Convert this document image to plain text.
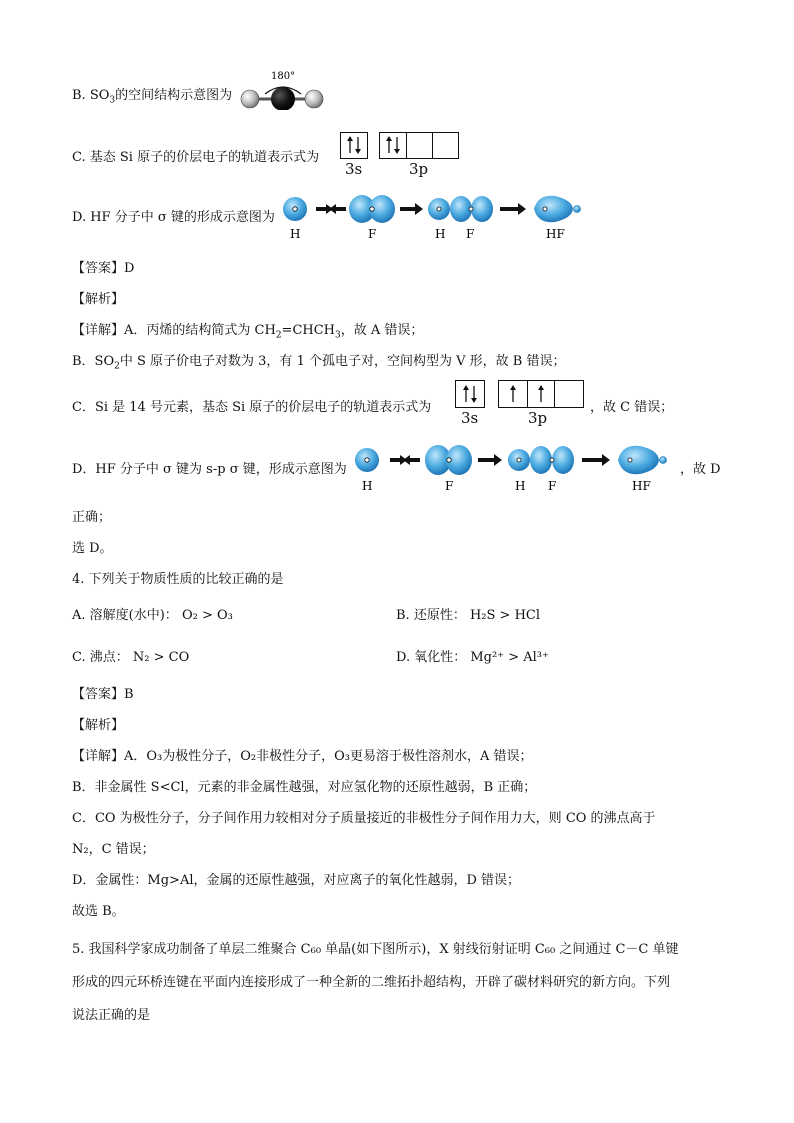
B. $SO_3$的空间结构示意图为
180°
C. 基态 Si 原子的价层电子的轨道表示式为
3s	3p
D. HF 分子中 σ 键的形成示意图为
H	F	H F	HF
【答案】D
【解析】
【详解】A．丙烯的结构简式为 $CH_2=CHCH_3$，故 A 错误；
B．$SO_2$中 S 原子价电子对数为 3，有 1 个孤电子对，空间构型为 V 形，故 B 错误；
C．Si 是 14 号元素，基态 Si 原子的价层电子的轨道表示式为
3s	3p
，故 C 错误；
D．HF 分子中 σ 键为 s-p σ 键，形成示意图为
H	F	H F	HF
，故 D
正确；
选 D。
4. 下列关于物质性质的比较正确的是
A. 溶解度(水中)： O₂ > O₃	B. 还原性： H₂S > HCl
C. 沸点： N₂ > CO	D. 氧化性： Mg²⁺ > Al³⁺
【答案】B
【解析】
【详解】A．O₃为极性分子，O₂非极性分子，O₃更易溶于极性溶剂水，A 错误；
B．非金属性 S<Cl，元素的非金属性越强，对应氢化物的还原性越弱，B 正确；
C．CO 为极性分子，分子间作用力较相对分子质量接近的非极性分子间作用力大，则 CO 的沸点高于
N₂，C 错误；
D．金属性：Mg>Al，金属的还原性越强，对应离子的氧化性越弱，D 错误；
故选 B。
5. 我国科学家成功制备了单层二维聚合 C₆₀ 单晶(如下图所示)，X 射线衍射证明 C₆₀ 之间通过 C－C 单键
形成的四元环桥连键在平面内连接形成了一种全新的二维拓扑超结构，开辟了碳材料研究的新方向。下列
说法正确的是
